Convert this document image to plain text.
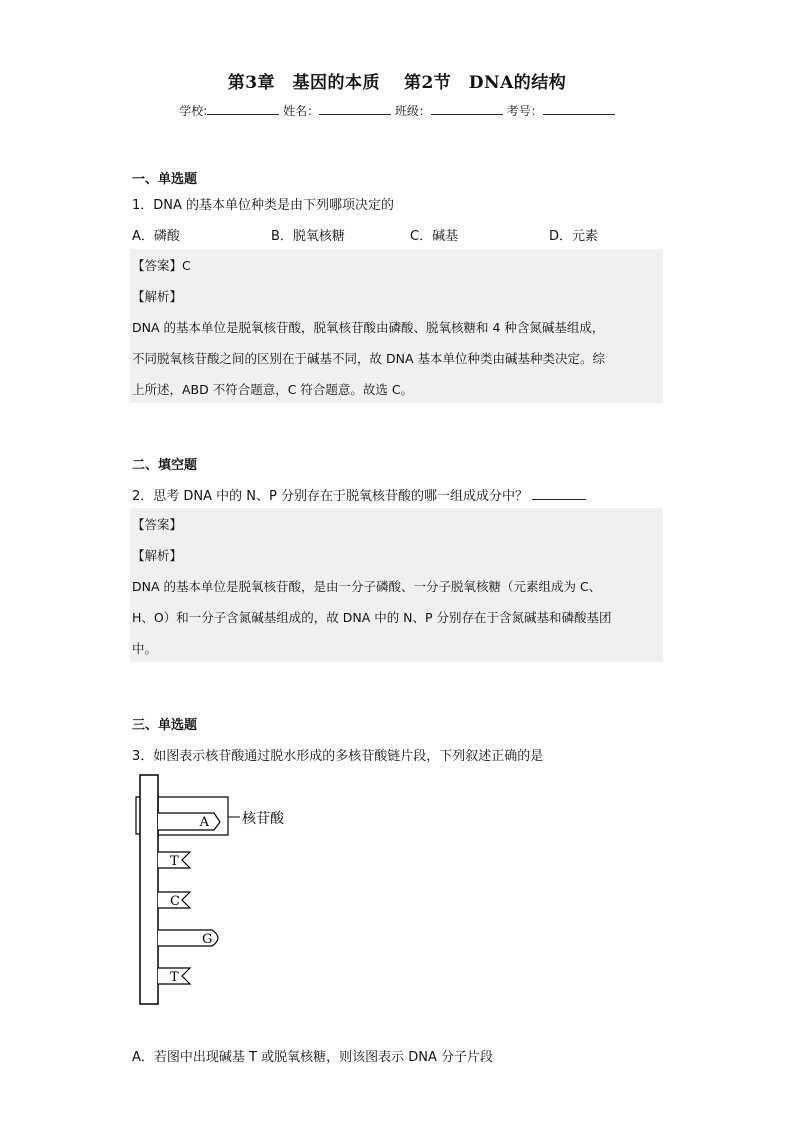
第3章　基因的本质　 第2节　DNA的结构
学校:	姓名：	班级：	考号：
一、单选题
1．DNA 的基本单位种类是由下列哪项决定的
A．磷酸	B．脱氧核糖	C．碱基	D．元素
【答案】C
【解析】
DNA 的基本单位是脱氧核苷酸，脱氧核苷酸由磷酸、脱氧核糖和 4 种含氮碱基组成，
不同脱氧核苷酸之间的区别在于碱基不同，故 DNA 基本单位种类由碱基种类决定。综
上所述，ABD 不符合题意，C 符合题意。故选 C。
二、填空题
2．思考 DNA 中的 N、P 分别存在于脱氧核苷酸的哪一组成成分中？
【答案】
【解析】
DNA 的基本单位是脱氧核苷酸，是由一分子磷酸、一分子脱氧核糖（元素组成为 C、
H、O）和一分子含氮碱基组成的，故 DNA 中的 N、P 分别存在于含氮碱基和磷酸基团
中。
三、单选题
3．如图表示核苷酸通过脱水形成的多核苷酸链片段，下列叙述正确的是
A 核苷酸
T
C
G
T
A．若图中出现碱基 T 或脱氧核糖，则该图表示 DNA 分子片段
